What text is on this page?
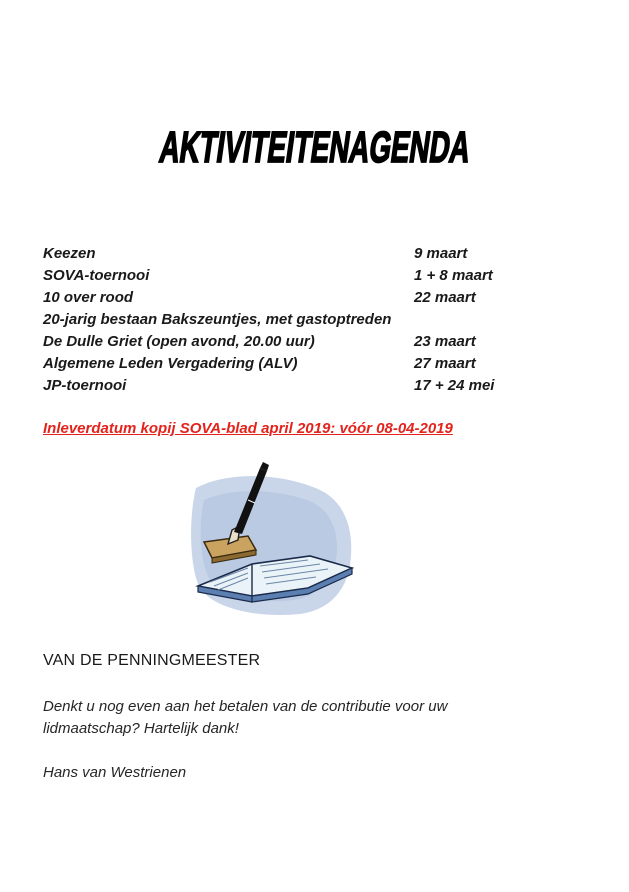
AKTIVITEITENAGENDA
Keezen	9 maart
SOVA-toernooi	1 + 8 maart
10 over rood	22 maart
20-jarig bestaan Bakszeuntjes, met gastoptreden
De Dulle Griet (open avond, 20.00 uur)	23 maart
Algemene Leden Vergadering (ALV)	27 maart
JP-toernooi	17 + 24 mei
Inleverdatum kopij SOVA-blad april 2019: vóór 08-04-2019
VAN DE PENNINGMEESTER
Denkt u nog even aan het betalen van de contributie voor uw
lidmaatschap? Hartelijk dank!
Hans van Westrienen
